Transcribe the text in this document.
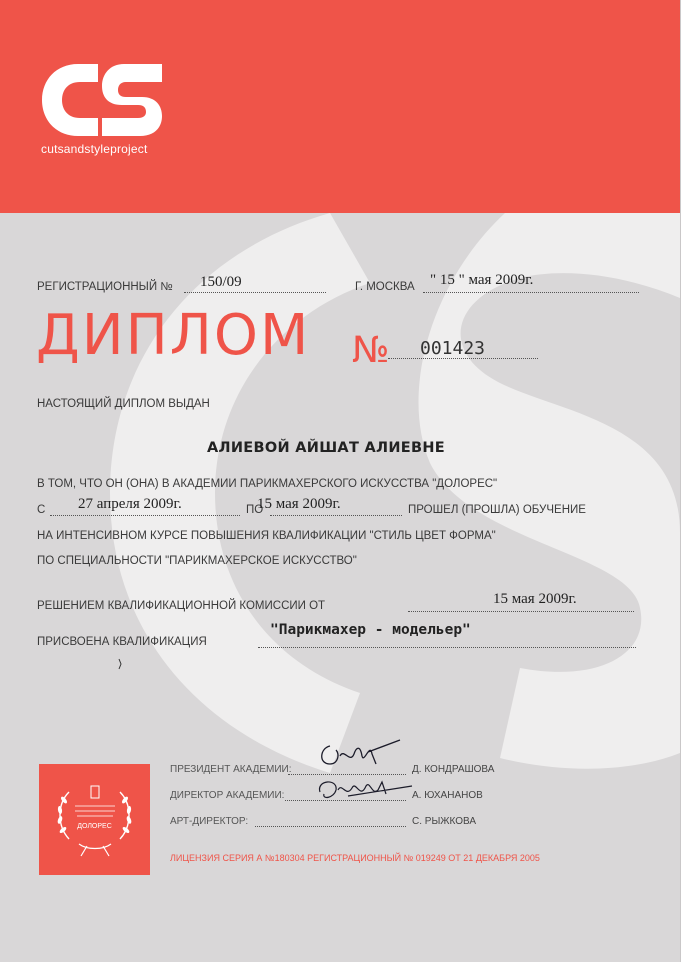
cutsandstyleproject
РЕГИСТРАЦИОННЫЙ № 150/09	Г. МОСКВА " 15 " мая 2009г.
ДИПЛОМ № 001423
НАСТОЯЩИЙ ДИПЛОМ ВЫДАН
АЛИЕВОЙ АЙШАТ АЛИЕВНЕ
В ТОМ, ЧТО ОН (ОНА) В АКАДЕМИИ ПАРИКМАХЕРСКОГО ИСКУССТВА "ДОЛОРЕС"
С 27 апреля 2009г.	ПО
15 мая 2009г.	ПРОШЕЛ (ПРОШЛА) ОБУЧЕНИЕ
НА ИНТЕНСИВНОМ КУРСЕ ПОВЫШЕНИЯ КВАЛИФИКАЦИИ "СТИЛЬ ЦВЕТ ФОРМА"
ПО СПЕЦИАЛЬНОСТИ "ПАРИКМАХЕРСКОЕ ИСКУССТВО"
РЕШЕНИЕМ КВАЛИФИКАЦИОННОЙ КОМИССИИ ОТ	15 мая 2009г.
ПРИСВОЕНА КВАЛИФИКАЦИЯ
"Парикмахер - модельер"
ПРЕЗИДЕНТ АКАДЕМИИ:	Д. КОНДРАШОВА
ДИРЕКТОР АКАДЕМИИ:	А. ЮХАНАНОВ
АРТ-ДИРЕКТОР:	С. РЫЖКОВА
ДОЛОРЕС
ЛИЦЕНЗИЯ СЕРИЯ А №180304 РЕГИСТРАЦИОННЫЙ № 019249 ОТ 21 ДЕКАБРЯ 2005
